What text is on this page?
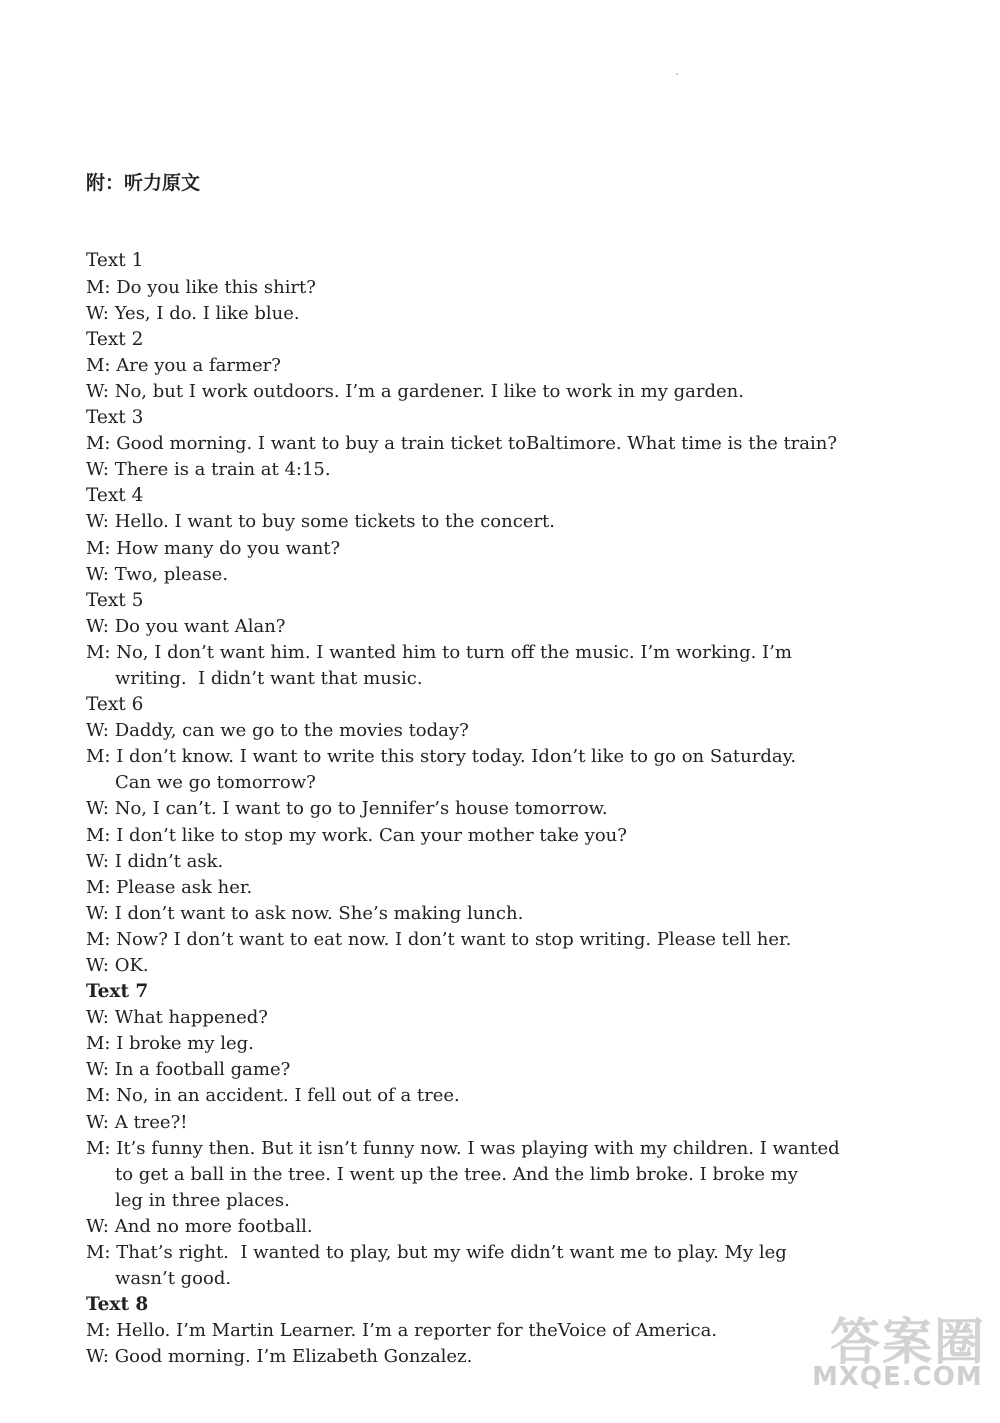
附：听力原文

Text 1
M: Do you like this shirt?
W: Yes, I do. I like blue.
Text 2
M: Are you a farmer?
W: No, but I work outdoors. I’m a gardener. I like to work in my garden.
Text 3
M: Good morning. I want to buy a train ticket toBaltimore. What time is the train?
W: There is a train at 4:15.
Text 4
W: Hello. I want to buy some tickets to the concert.
M: How many do you want?
W: Two, please.
Text 5
W: Do you want Alan?
M: No, I don’t want him. I wanted him to turn off the music. I’m working. I’m
writing.  I didn’t want that music.
Text 6
W: Daddy, can we go to the movies today?
M: I don’t know. I want to write this story today. Idon’t like to go on Saturday.
Can we go tomorrow?
W: No, I can’t. I want to go to Jennifer’s house tomorrow.
M: I don’t like to stop my work. Can your mother take you?
W: I didn’t ask.
M: Please ask her.
W: I don’t want to ask now. She’s making lunch.
M: Now? I don’t want to eat now. I don’t want to stop writing. Please tell her.
W: OK.
Text 7
W: What happened?
M: I broke my leg.
W: In a football game?
M: No, in an accident. I fell out of a tree.
W: A tree?!
M: It’s funny then. But it isn’t funny now. I was playing with my children. I wanted
to get a ball in the tree. I went up the tree. And the limb broke. I broke my
leg in three places.
W: And no more football.
M: That’s right.  I wanted to play, but my wife didn’t want me to play. My leg
wasn’t good.
Text 8
M: Hello. I’m Martin Learner. I’m a reporter for theVoice of America.
W: Good morning. I’m Elizabeth Gonzalez.

	答案圈
MXQE.COM
